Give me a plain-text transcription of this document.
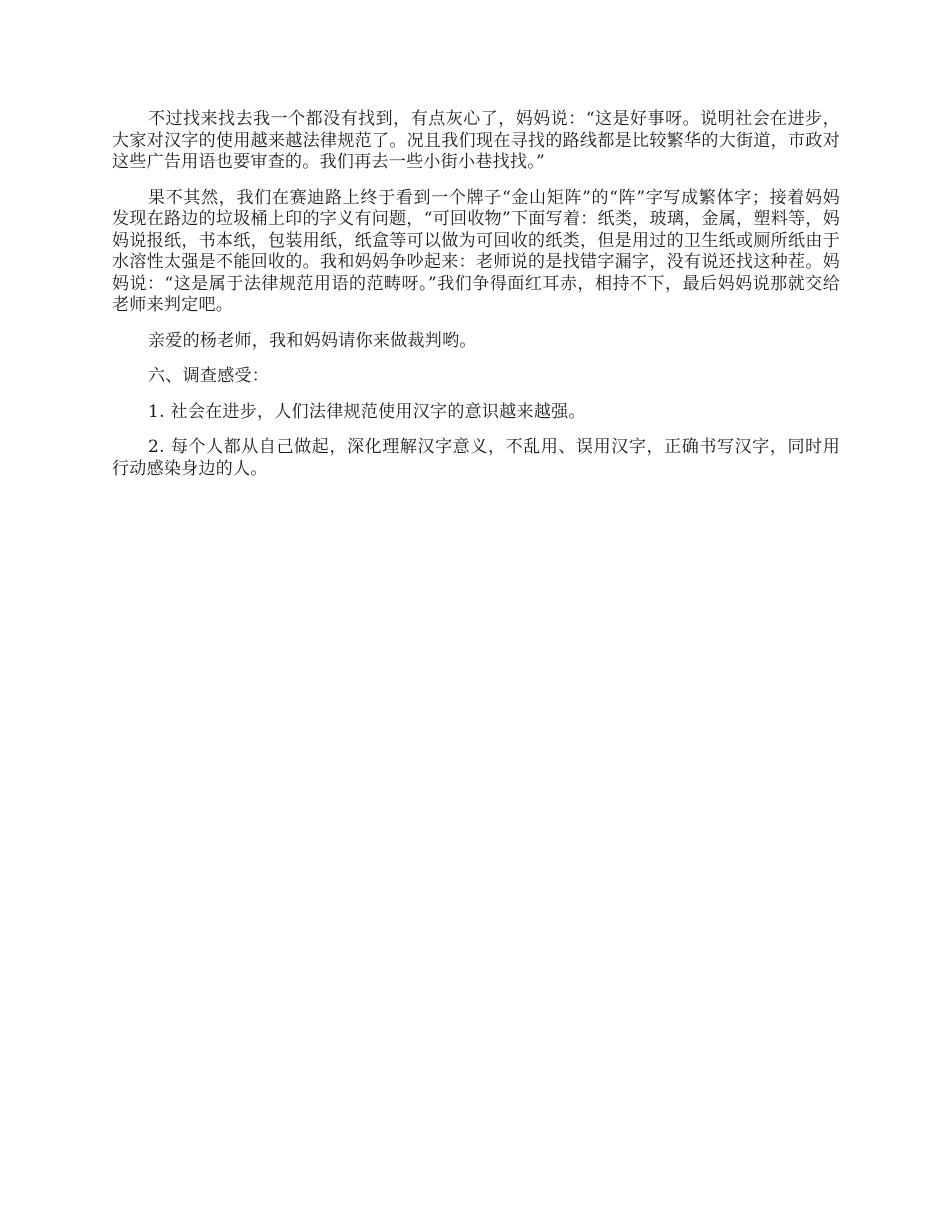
不过找来找去我一个都没有找到，有点灰心了，妈妈说：“这是好事呀。说明社会在进步，大家对汉字的使用越来越法律规范了。况且我们现在寻找的路线都是比较繁华的大街道，市政对这些广告用语也要审查的。我们再去一些小街小巷找找。”

果不其然，我们在赛迪路上终于看到一个牌子“金山矩阵”的“阵”字写成繁体字；接着妈妈发现在路边的垃圾桶上印的字义有问题，“可回收物”下面写着：纸类，玻璃，金属，塑料等，妈妈说报纸，书本纸，包装用纸，纸盒等可以做为可回收的纸类，但是用过的卫生纸或厕所纸由于水溶性太强是不能回收的。我和妈妈争吵起来：老师说的是找错字漏字，没有说还找这种茬。妈妈说：“这是属于法律规范用语的范畴呀。”我们争得面红耳赤，相持不下，最后妈妈说那就交给老师来判定吧。

亲爱的杨老师，我和妈妈请你来做裁判哟。

六、调查感受：

1. 社会在进步，人们法律规范使用汉字的意识越来越强。

2. 每个人都从自己做起，深化理解汉字意义，不乱用、误用汉字，正确书写汉字，同时用行动感染身边的人。
